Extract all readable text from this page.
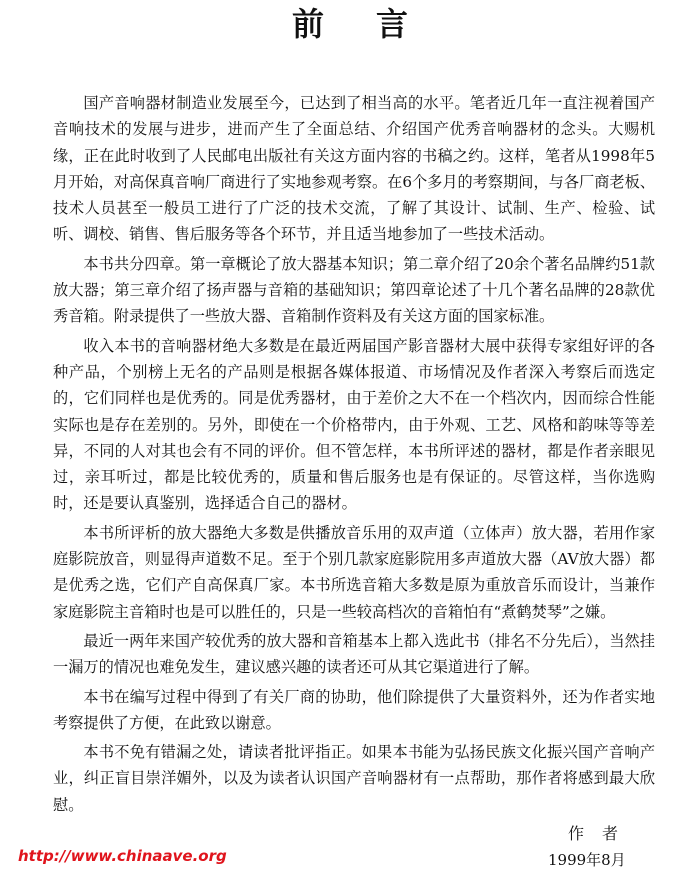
前言

国产音响器材制造业发展至今，已达到了相当高的水平。笔者近几年一直注视着国产音响技术的发展与进步，进而产生了全面总结、介绍国产优秀音响器材的念头。大赐机缘，正在此时收到了人民邮电出版社有关这方面内容的书稿之约。这样，笔者从1998年5月开始，对高保真音响厂商进行了实地参观考察。在6个多月的考察期间，与各厂商老板、技术人员甚至一般员工进行了广泛的技术交流，了解了其设计、试制、生产、检验、试听、调校、销售、售后服务等各个环节，并且适当地参加了一些技术活动。

本书共分四章。第一章概论了放大器基本知识；第二章介绍了20余个著名品牌约51款放大器；第三章介绍了扬声器与音箱的基础知识；第四章论述了十几个著名品牌的28款优秀音箱。附录提供了一些放大器、音箱制作资料及有关这方面的国家标准。

收入本书的音响器材绝大多数是在最近两届国产影音器材大展中获得专家组好评的各种产品，个别榜上无名的产品则是根据各媒体报道、市场情况及作者深入考察后而选定的，它们同样也是优秀的。同是优秀器材，由于差价之大不在一个档次内，因而综合性能实际也是存在差别的。另外，即使在一个价格带内，由于外观、工艺、风格和韵味等等差异，不同的人对其也会有不同的评价。但不管怎样，本书所评述的器材，都是作者亲眼见过，亲耳听过，都是比较优秀的，质量和售后服务也是有保证的。尽管这样，当你选购时，还是要认真鉴别，选择适合自己的器材。

本书所评析的放大器绝大多数是供播放音乐用的双声道（立体声）放大器，若用作家庭影院放音，则显得声道数不足。至于个别几款家庭影院用多声道放大器（AV放大器）都是优秀之选，它们产自高保真厂家。本书所选音箱大多数是原为重放音乐而设计，当兼作家庭影院主音箱时也是可以胜任的，只是一些较高档次的音箱怕有“煮鹤焚琴”之嫌。

最近一两年来国产较优秀的放大器和音箱基本上都入选此书（排名不分先后），当然挂一漏万的情况也难免发生，建议感兴趣的读者还可从其它渠道进行了解。

本书在编写过程中得到了有关厂商的协助，他们除提供了大量资料外，还为作者实地考察提供了方便，在此致以谢意。

本书不免有错漏之处，请读者批评指正。如果本书能为弘扬民族文化振兴国产音响产业，纠正盲目崇洋媚外，以及为读者认识国产音响器材有一点帮助，那作者将感到最大欣慰。

作者
1999年8月
http://www.chinaave.org
